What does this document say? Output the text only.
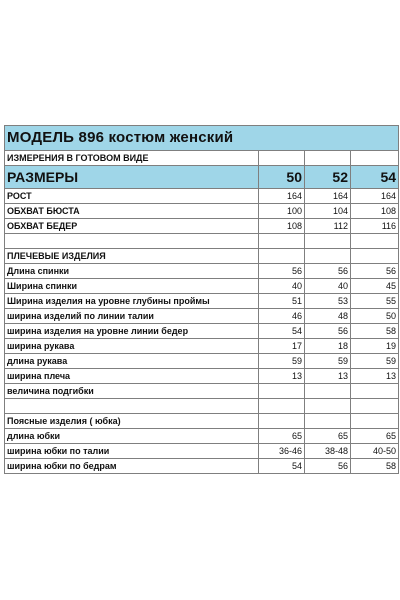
МОДЕЛЬ 896 костюм женский			
ИЗМЕРЕНИЯ В ГОТОВОМ ВИДЕ			
РАЗМЕРЫ	50	52	54
РОСТ	164	164	164
ОБХВАТ БЮСТА	100	104	108
ОБХВАТ БЕДЕР	108	112	116

ПЛЕЧЕВЫЕ ИЗДЕЛИЯ			
Длина спинки	56	56	56
Ширина спинки	40	40	45
Ширина изделия на уровне глубины проймы	51	53	55
ширина изделий по линии талии	46	48	50
ширина изделия на уровне линии бедер	54	56	58
ширина рукава	17	18	19
длина рукава	59	59	59
ширина плеча	13	13	13
величина подгибки			

Поясные изделия ( юбка)			
длина юбки	65	65	65
ширина юбки по талии	36-46	38-48	40-50
ширина юбки по бедрам	54	56	58
